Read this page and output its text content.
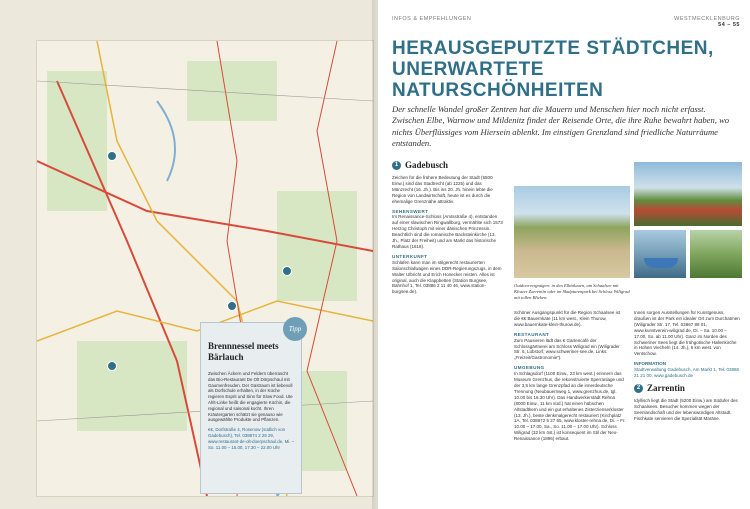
Tipp
Brennnessel meets Bärlauch
Zwischen Äckern und Feldern überrascht das Bio-Restaurant De Olt Dörpschaul mit Gaumenfreuden. Der Gastraum ist liebevoll als Dorfschule erhalten, in der Küche regieren Esprit und Sinn für Slow Food. Ute Ahlt-Linke heißt die engagierte Köchin, die regional und saisonal kocht. Ihren Kräutergarten schätzt sie genauso wie ausgewählte Produkte und Pflanzen.
€€, Dorfstraße 4, Rosenow (südlich von Gadebusch), Tel. 038874 2 29 29, www.restaurant-de-olt-doerpschaul.de, Mi. – So. 11.00 – 15.00, 17.30 – 22.00 Uhr
INFOS & EMPFEHLUNGEN	WESTMECKLENBURG
54 – 55
HERAUSGEPUTZTE STÄDTCHEN,
UNERWARTETE NATURSCHÖNHEITEN
Der schnelle Wandel großer Zentren hat die Mauern und Menschen hier noch nicht erfasst. Zwischen Elbe, Warnow und Mildenitz findet der Reisende Orte, die ihre Ruhe bewahrt haben, wo nichts Überflüssiges vom Hiersein ablenkt. Im einstigen Grenzland sind friedliche Naturräume entstanden.
1 Gadebusch
Zeichen für die frühere Bedeutung der Stadt (5500 Einw.) sind das Stadtrecht (ab 1225) und das Münzrecht (16. Jh.). Bis ins 20. Jh. hinein lebte die Region von Landwirtschaft, heute ist es durch die ehemalige Grenznähe attraktiv.
SEHENSWERT
Im Renaissance-Schloss (Amtsstraße 4), entstanden auf einer slawischen Ringwallburg, vermählte sich 1573 Herzog Christoph mit einer dänischen Prinzessin. Beachtlich sind die romanische Backsteinkirche (13. Jh., Platz der Freiheit) und am Markt das historische Rathaus (1618).
UNTERKUNFT
Schlafen kann man im stilgerecht restaurierten Salonschlafwagen eines DDR-Regierungszugs, in dem Walter Ulbricht und Erich Honecker reisten. Alles ist original, auch die Klappbetten (Station Burgsee, Bahnhof 1, Tel. 03886 2 11 40 46, www.station-burgsee.de).
Outdoorvergnügen: in den Elbtalauen, am Schaalsee mit Kloster Zarrentin oder im Skulpturenpark bei Schloss Wiligrad mit tollen Blicken.
Schöner Ausgangspunkt für die Region Schaalsee ist die €€ Bauernkate (11 km west., Klein Thurow, www.bauernkate-klein-thurow.de).
RESTAURANT
Zum Pausieren lädt das € Gartencafé der Schlossgärtnerei am Schloss Wiligrad ein (Wiligrader Str. 6, Lübstorf, www.schweriner-see.de, Links: „Freizeit/Gastronomie“).
UMGEBUNG
In Schlagsdorf (1100 Einw., 23 km west.) erinnern das Museum Grenzhus, die rekonstruierte Sperranlage und der 3,5 km lange Grenzpfad an die innerdeutsche Trennung (Neubauernweg 1, www.grenzhus.de, tgl. 10.00 bis 16.30 Uhr). Das Handwerkerstädt Rehna (8000 Einw., 11 km süd.) hat einen hübschen Altstadtkern und ein gut erhaltenes Zisterzienserkloster (13. Jh.), beste denkmalgerecht restauriert (Kirchplatz 1A, Tel. 038872 5 27 65, www.kloster-rehna.de, Di. – Fr. 10.00 – 17.00, Sa., So. 11.00 – 17.00 Uhr). Schloss Wiligrad (32 km öst.) ist konsequent im Stil der Neo-Renaissance (1896) erbaut.
Innen sorgen Ausstellungen für Kunstgenuss, draußen ist der Park ein idealer Ort zum Durchatmen (Wiligrader Str. 17, Tel. 03867 88 01, www.kunstverein-wiligrad.de, Di. – Sa. 10.00 – 17.00, So. ab 11.00 Uhr). Ganz im Norden des Schweriner Sees liegt die frühgotische Hallenkirche in Hohen Viecheln (14. Jh.), 6 km west. von Ventschow.
INFORMATION
Stadtverwaltung Gadebusch, Am Markt 1, Tel. 03886 21 21 00, www.gadebusch.de
2 Zarrentin
Idyllisch liegt die Stadt (5200 Einw.) am Südufer des Schaalsees. Besucher kommen wegen der Seenlandschaft und der lebenswürdigen Altstadt. Fischkate servieren die Spezialität Maräne.
